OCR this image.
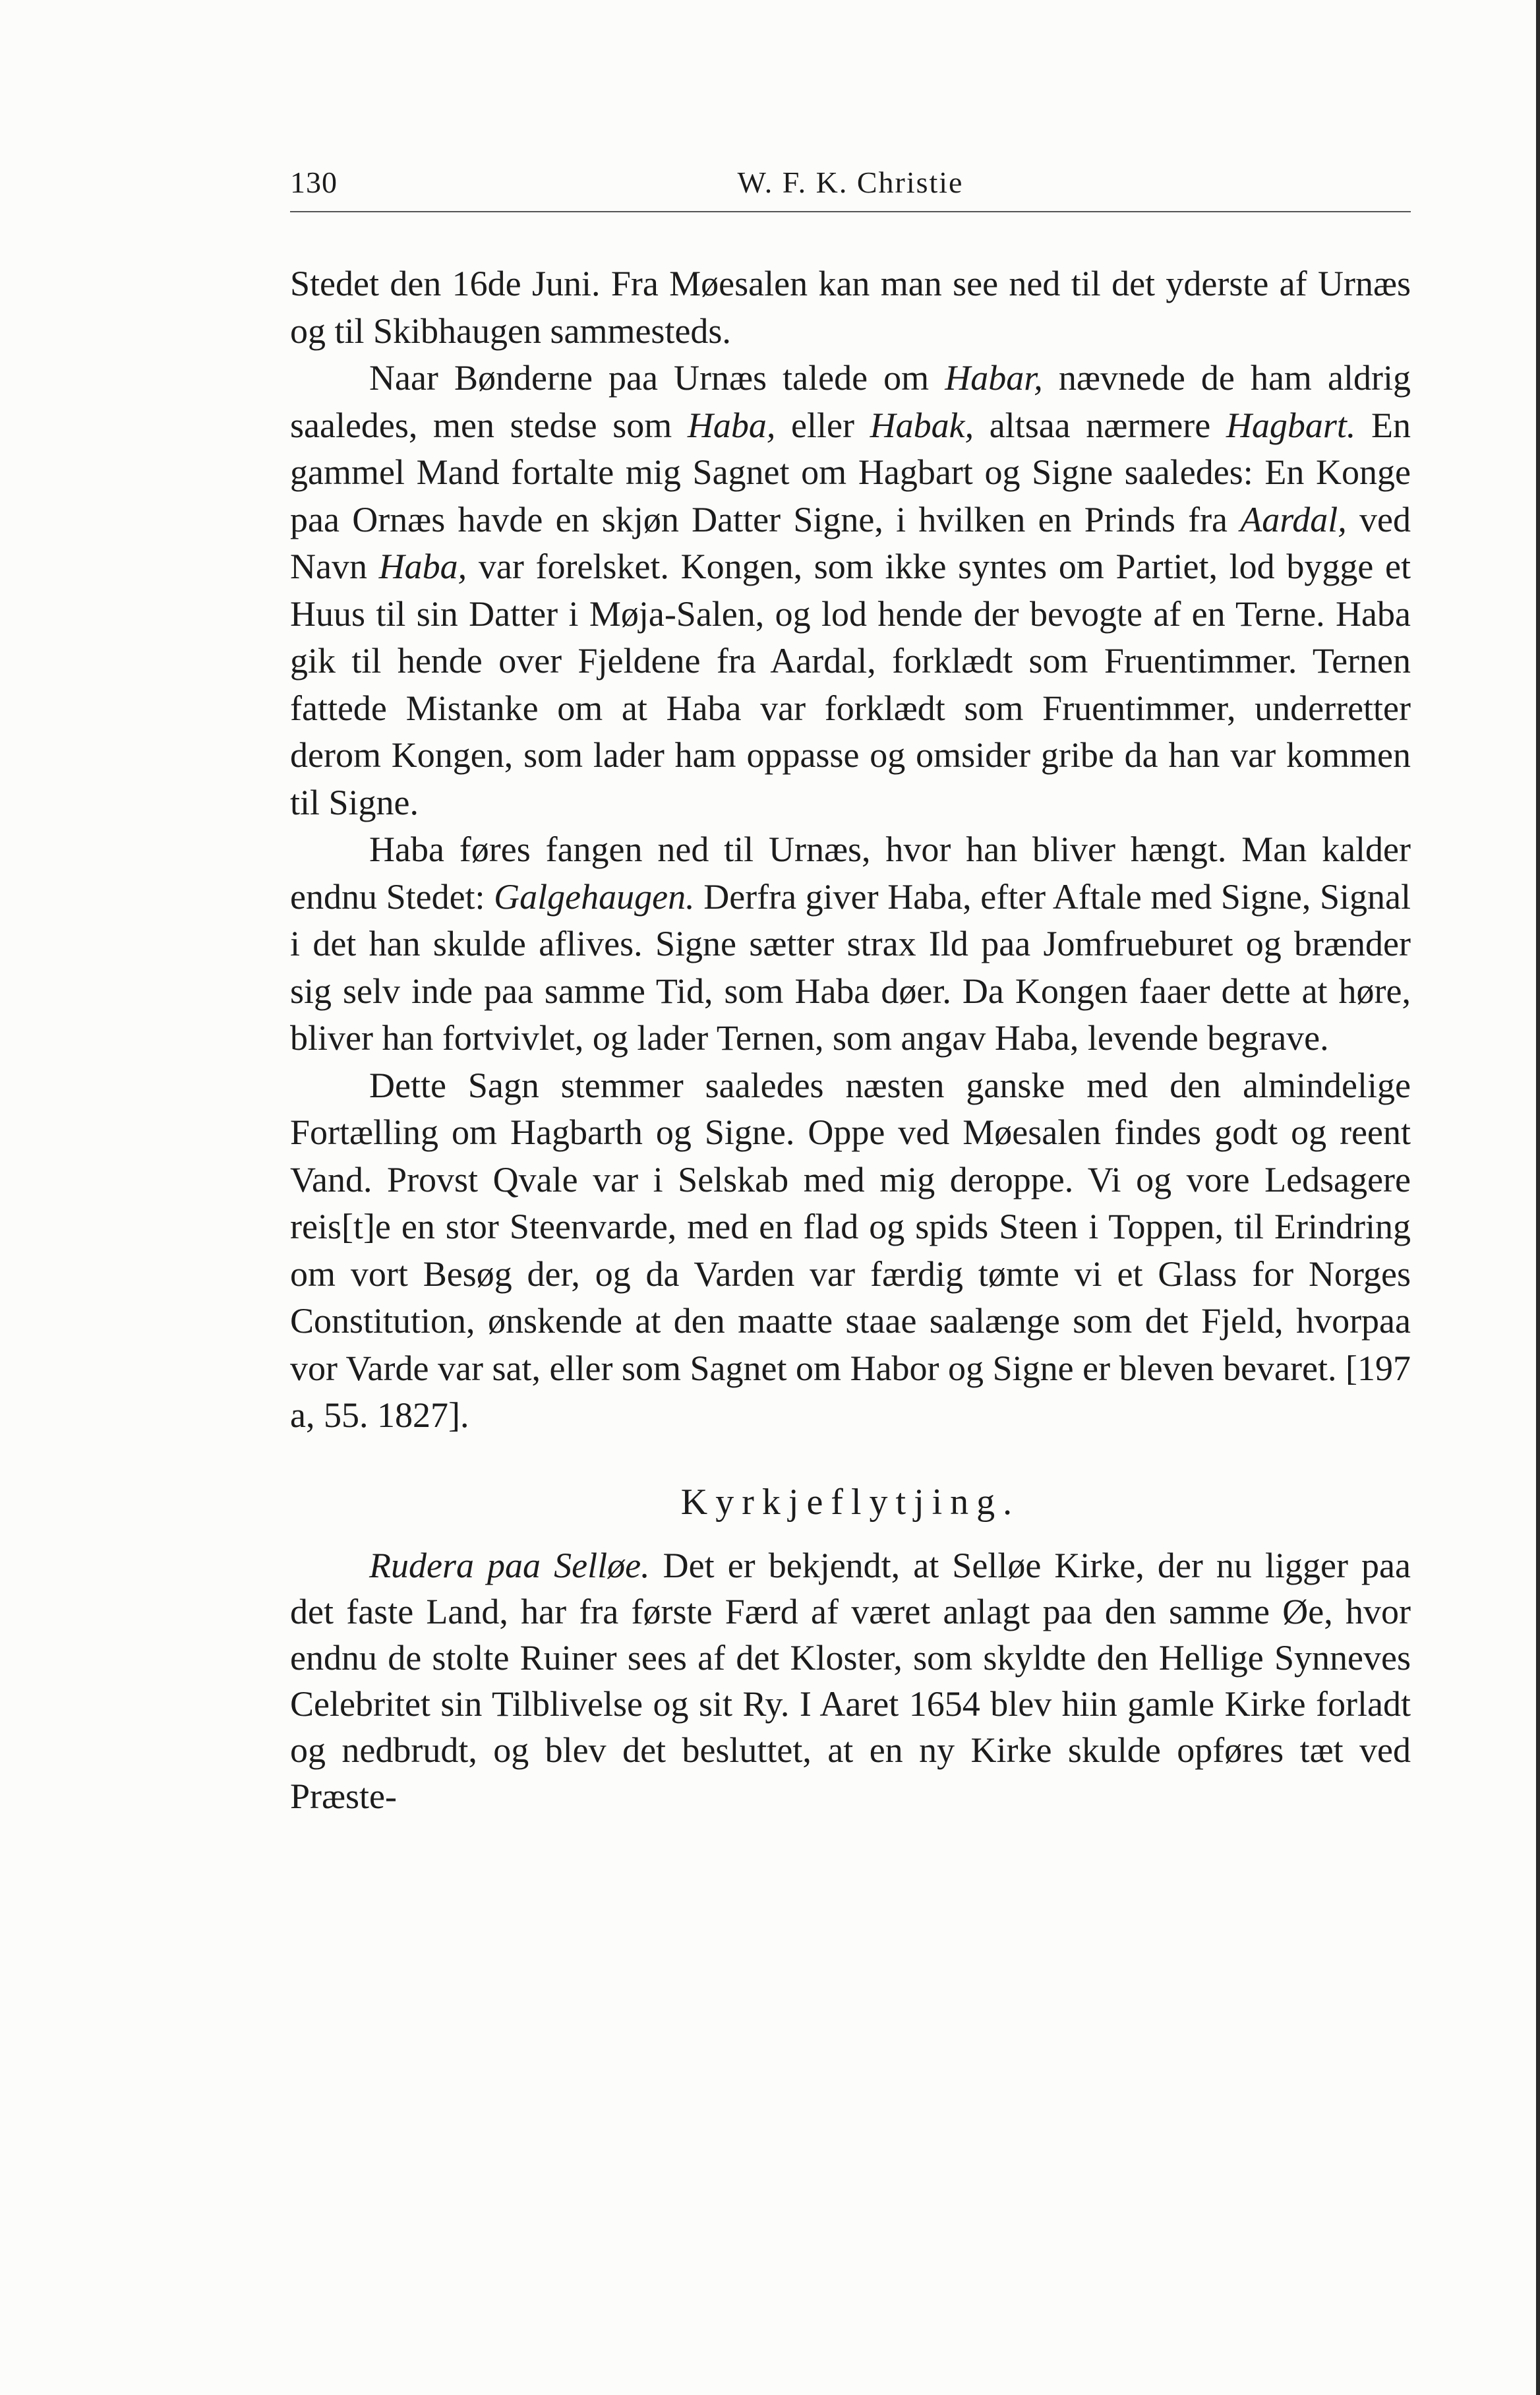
130	W. F. K. Christie

Stedet den 16de Juni. Fra Møesalen kan man see ned til det yderste af Urnæs og til Skibhaugen sammesteds.

Naar Bønderne paa Urnæs talede om Habar, nævnede de ham aldrig saaledes, men stedse som Haba, eller Habak, altsaa nærmere Hagbart. En gammel Mand fortalte mig Sagnet om Hagbart og Signe saaledes: En Konge paa Ornæs havde en skjøn Datter Signe, i hvilken en Prinds fra Aardal, ved Navn Haba, var forelsket. Kongen, som ikke syntes om Partiet, lod bygge et Huus til sin Datter i Møja-Salen, og lod hende der bevogte af en Terne. Haba gik til hende over Fjeldene fra Aardal, forklædt som Fruentimmer. Ternen fattede Mistanke om at Haba var forklædt som Fruentimmer, underretter derom Kongen, som lader ham oppasse og omsider gribe da han var kommen til Signe.

Haba føres fangen ned til Urnæs, hvor han bliver hængt. Man kalder endnu Stedet: Galgehaugen. Derfra giver Haba, efter Aftale med Signe, Signal i det han skulde aflives. Signe sætter strax Ild paa Jomfrueburet og brænder sig selv inde paa samme Tid, som Haba døer. Da Kongen faaer dette at høre, bliver han fortvivlet, og lader Ternen, som angav Haba, levende begrave.

Dette Sagn stemmer saaledes næsten ganske med den almindelige Fortælling om Hagbarth og Signe. Oppe ved Møesalen findes godt og reent Vand. Provst Qvale var i Selskab med mig deroppe. Vi og vore Ledsagere reis[t]e en stor Steenvarde, med en flad og spids Steen i Toppen, til Erindring om vort Besøg der, og da Varden var færdig tømte vi et Glass for Norges Constitution, ønskende at den maatte staae saalænge som det Fjeld, hvorpaa vor Varde var sat, eller som Sagnet om Habor og Signe er bleven bevaret. [197 a, 55. 1827].

Kyrkjeflytjing.

Rudera paa Selløe. Det er bekjendt, at Selløe Kirke, der nu ligger paa det faste Land, har fra første Færd af været anlagt paa den samme Øe, hvor endnu de stolte Ruiner sees af det Kloster, som skyldte den Hellige Synneves Celebritet sin Tilblivelse og sit Ry. I Aaret 1654 blev hiin gamle Kirke forladt og nedbrudt, og blev det besluttet, at en ny Kirke skulde opføres tæt ved Præste-
